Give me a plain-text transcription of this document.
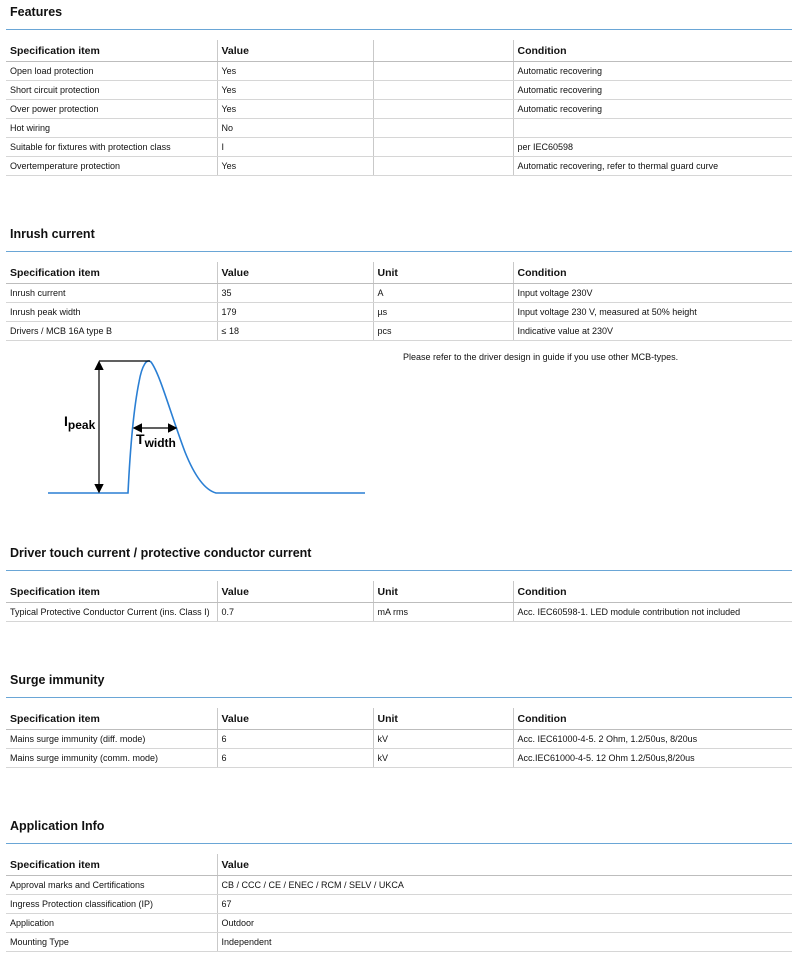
Features
Specification item	Value		Condition
Open load protection	Yes		Automatic recovering
Short circuit protection	Yes		Automatic recovering
Over power protection	Yes		Automatic recovering
Hot wiring	No		
Suitable for fixtures with protection class	I		per IEC60598
Overtemperature protection	Yes		Automatic recovering, refer to thermal guard curve
Inrush current
Specification item	Value	Unit	Condition
Inrush current	35	A	Input voltage 230V
Inrush peak width	179	µs	Input voltage 230 V, measured at 50% height
Drivers / MCB 16A type B	≤ 18	pcs	Indicative value at 230V
Please refer to the driver design in guide if you use other MCB-types.
Ipeak
Twidth
Driver touch current / protective conductor current
Specification item	Value	Unit	Condition
Typical Protective Conductor Current (ins. Class I)	0.7	mA rms	Acc. IEC60598-1. LED module contribution not included
Surge immunity
Specification item	Value	Unit	Condition
Mains surge immunity (diff. mode)	6	kV	Acc. IEC61000-4-5. 2 Ohm, 1.2/50us, 8/20us
Mains surge immunity (comm. mode)	6	kV	Acc.IEC61000-4-5. 12 Ohm 1.2/50us,8/20us
Application Info
Specification item	Value
Approval marks and Certifications	CB / CCC / CE / ENEC / RCM / SELV / UKCA
Ingress Protection classification (IP)	67
Application	Outdoor
Mounting Type	Independent
